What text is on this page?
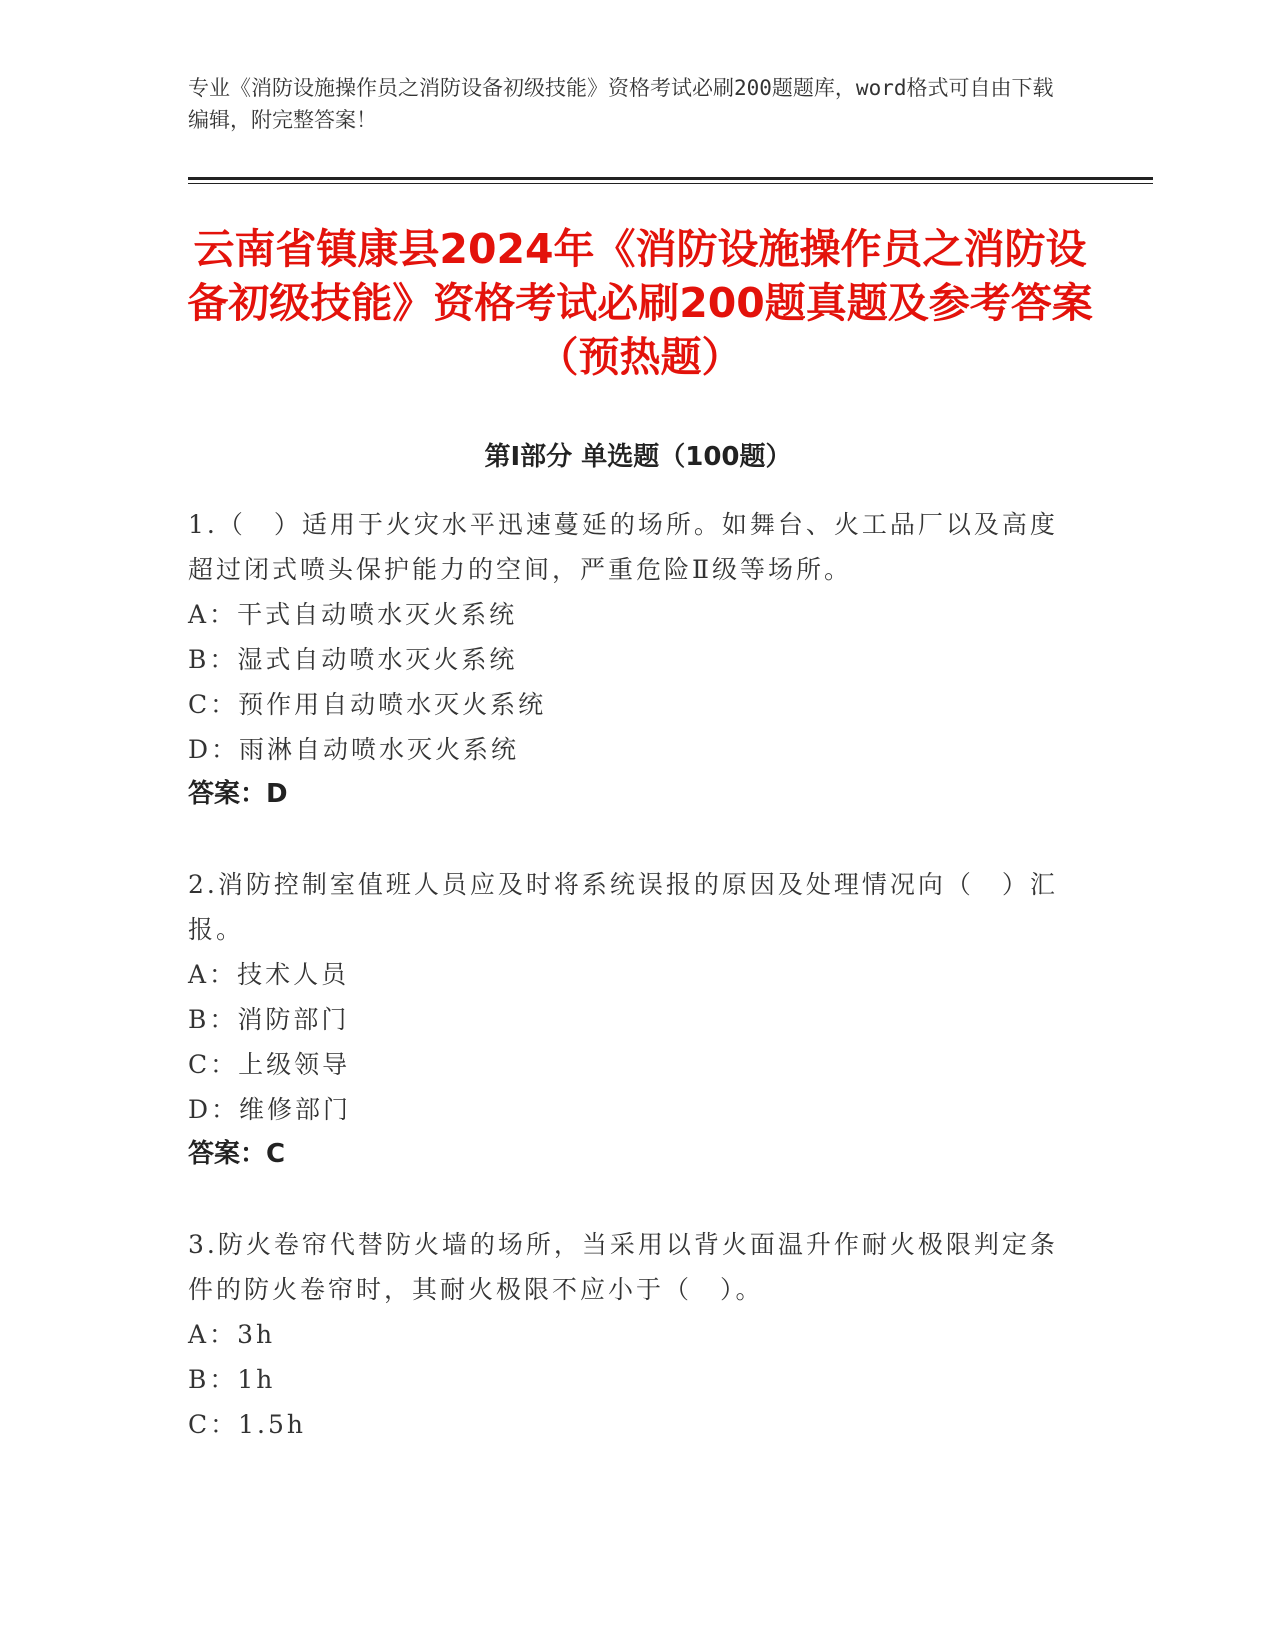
专业《消防设施操作员之消防设备初级技能》资格考试必刷200题题库，word格式可自由下载编辑，附完整答案！
云南省镇康县2024年《消防设施操作员之消防设备初级技能》资格考试必刷200题真题及参考答案（预热题）
第I部分 单选题（100题）

1.（　）适用于火灾水平迅速蔓延的场所。如舞台、火工品厂以及高度超过闭式喷头保护能力的空间，严重危险Ⅱ级等场所。

A： 干式自动喷水灭火系统

B： 湿式自动喷水灭火系统

C： 预作用自动喷水灭火系统

D： 雨淋自动喷水灭火系统

答案：D

2.消防控制室值班人员应及时将系统误报的原因及处理情况向（　）汇报。

A： 技术人员

B： 消防部门

C： 上级领导

D： 维修部门

答案：C

3.防火卷帘代替防火墙的场所，当采用以背火面温升作耐火极限判定条件的防火卷帘时，其耐火极限不应小于（　）。

A： 3h

B： 1h

C： 1.5h
